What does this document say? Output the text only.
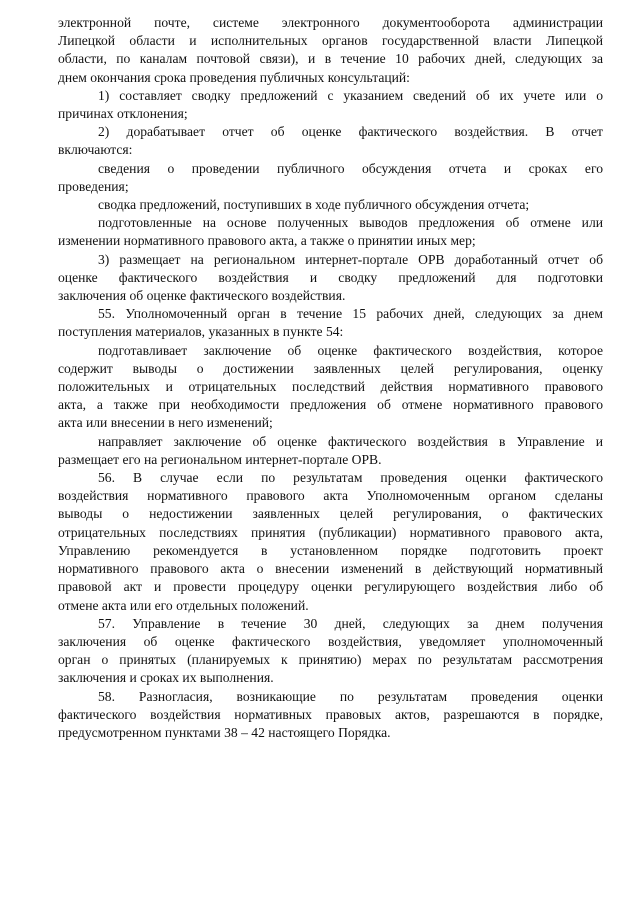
электронной почте, системе электронного документооборота администрации

Липецкой области и исполнительных органов государственной власти Липецкой

области, по каналам почтовой связи), и в течение 10 рабочих дней, следующих за

днем окончания срока проведения публичных консультаций:

1) составляет сводку предложений с указанием сведений об их учете или о

причинах отклонения;

2) дорабатывает отчет об оценке фактического воздействия. В отчет

включаются:

сведения о проведении публичного обсуждения отчета и сроках его

проведения;

сводка предложений, поступивших в ходе публичного обсуждения отчета;

подготовленные на основе полученных выводов предложения об отмене или

изменении нормативного правового акта, а также о принятии иных мер;

3) размещает на региональном интернет-портале ОРВ доработанный отчет об

оценке фактического воздействия и сводку предложений для подготовки

заключения об оценке фактического воздействия.

55. Уполномоченный орган в течение 15 рабочих дней, следующих за днем

поступления материалов, указанных в пункте 54:

подготавливает заключение об оценке фактического воздействия, которое

содержит выводы о достижении заявленных целей регулирования, оценку

положительных и отрицательных последствий действия нормативного правового

акта, а также при необходимости предложения об отмене нормативного правового

акта или внесении в него изменений;

направляет заключение об оценке фактического воздействия в Управление и

размещает его на региональном интернет-портале ОРВ.

56. В случае если по результатам проведения оценки фактического

воздействия нормативного правового акта Уполномоченным органом сделаны

выводы о недостижении заявленных целей регулирования, о фактических

отрицательных последствиях принятия (публикации) нормативного правового акта,

Управлению рекомендуется в установленном порядке подготовить проект

нормативного правового акта о внесении изменений в действующий нормативный

правовой акт и провести процедуру оценки регулирующего воздействия либо об

отмене акта или его отдельных положений.

57. Управление в течение 30 дней, следующих за днем получения

заключения об оценке фактического воздействия, уведомляет уполномоченный

орган о принятых (планируемых к принятию) мерах по результатам рассмотрения

заключения и сроках их выполнения.

58. Разногласия, возникающие по результатам проведения оценки

фактического воздействия нормативных правовых актов, разрешаются в порядке,

предусмотренном пунктами 38 – 42 настоящего Порядка.
